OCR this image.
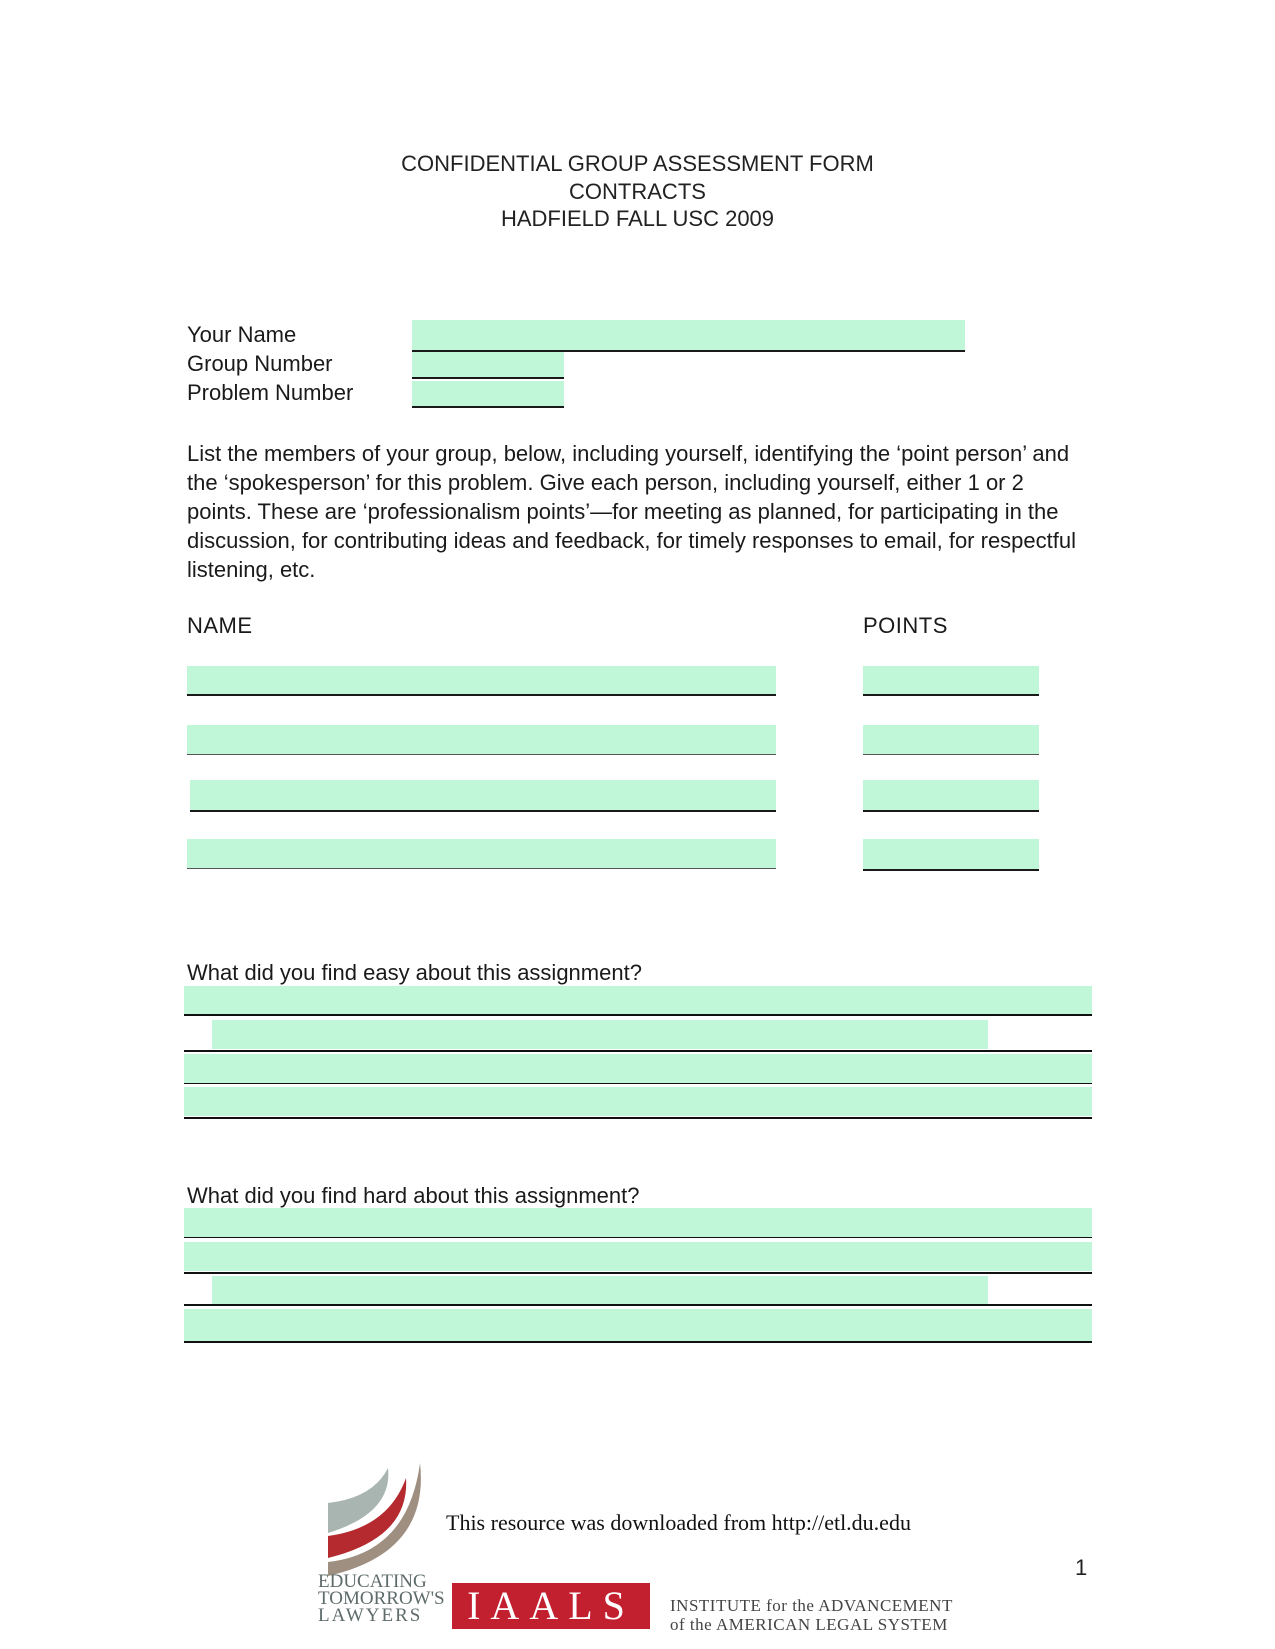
CONFIDENTIAL GROUP ASSESSMENT FORM
CONTRACTS
HADFIELD FALL USC 2009
Your Name
Group Number
Problem Number
List the members of your group, below, including yourself, identifying the ‘point person’ and the ‘spokesperson’ for this problem. Give each person, including yourself, either 1 or 2 points. These are ‘professionalism points’—for meeting as planned, for participating in the discussion, for contributing ideas and feedback, for timely responses to email, for respectful listening, etc.
NAME	POINTS
What did you find easy about this assignment?
What did you find hard about this assignment?
EDUCATING
TOMORROW'S
LAWYERS
This resource was downloaded from http://etl.du.edu
IAALS	INSTITUTE for the ADVANCEMENT
of the AMERICAN LEGAL SYSTEM
1
